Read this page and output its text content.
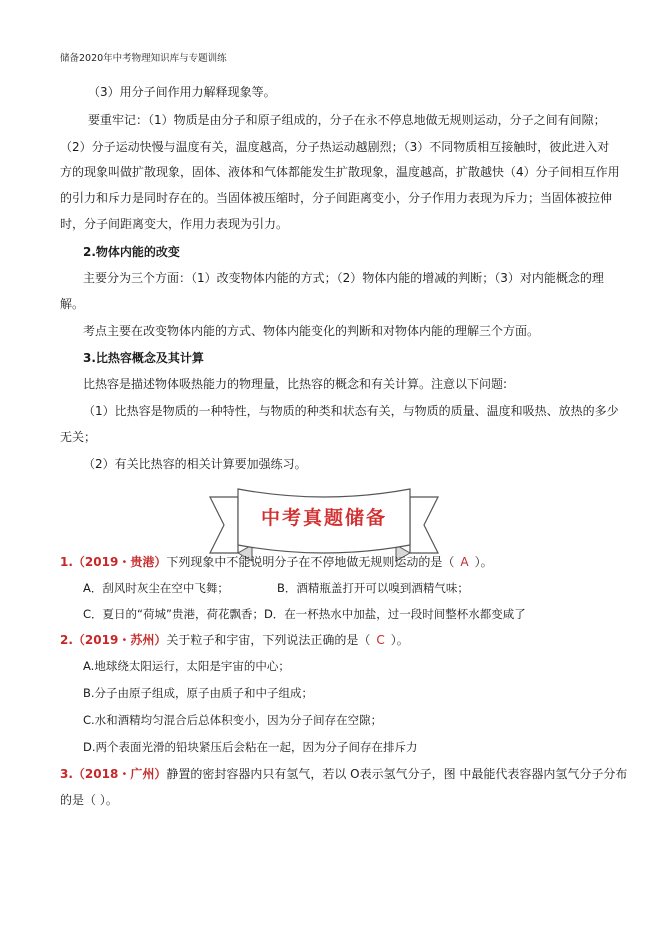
储备2020年中考物理知识库与专题训练
（3）用分子间作用力解释现象等。
要重牢记：（1）物质是由分子和原子组成的，分子在永不停息地做无规则运动，分子之间有间隙；
（2）分子运动快慢与温度有关，温度越高，分子热运动越剧烈；（3）不同物质相互接触时，彼此进入对
方的现象叫做扩散现象，固体、液体和气体都能发生扩散现象，温度越高，扩散越快（4）分子间相互作用
的引力和斥力是同时存在的。当固体被压缩时，分子间距离变小，分子作用力表现为斥力；当固体被拉伸
时，分子间距离变大，作用力表现为引力。
2.物体内能的改变
主要分为三个方面：（1）改变物体内能的方式；（2）物体内能的增减的判断；（3）对内能概念的理
解。
考点主要在改变物体内能的方式、物体内能变化的判断和对物体内能的理解三个方面。
3.比热容概念及其计算
比热容是描述物体吸热能力的物理量，比热容的概念和有关计算。注意以下问题:
（1）比热容是物质的一种特性，与物质的种类和状态有关，与物质的质量、温度和吸热、放热的多少
无关；
（2）有关比热容的相关计算要加强练习。
中考真题储备
1.（2019・贵港）下列现象中不能说明分子在不停地做无规则运动的是（ A ）。
A．刮风时灰尘在空中飞舞；	B．酒精瓶盖打开可以嗅到酒精气味；
C．夏日的“荷城”贵港，荷花飘香；D．在一杯热水中加盐，过一段时间整杯水都变咸了
2.（2019・苏州）关于粒子和宇宙，下列说法正确的是（ C ）。
A.地球绕太阳运行，太阳是宇宙的中心；
B.分子由原子组成，原子由质子和中子组成；
C.水和酒精均匀混合后总体积变小，因为分子间存在空隙；
D.两个表面光滑的铅块紧压后会粘在一起，因为分子间存在排斥力
3.（2018・广州）静置的密封容器内只有氢气，若以 O表示氢气分子，图 中最能代表容器内氢气分子分布
的是（ ）。
